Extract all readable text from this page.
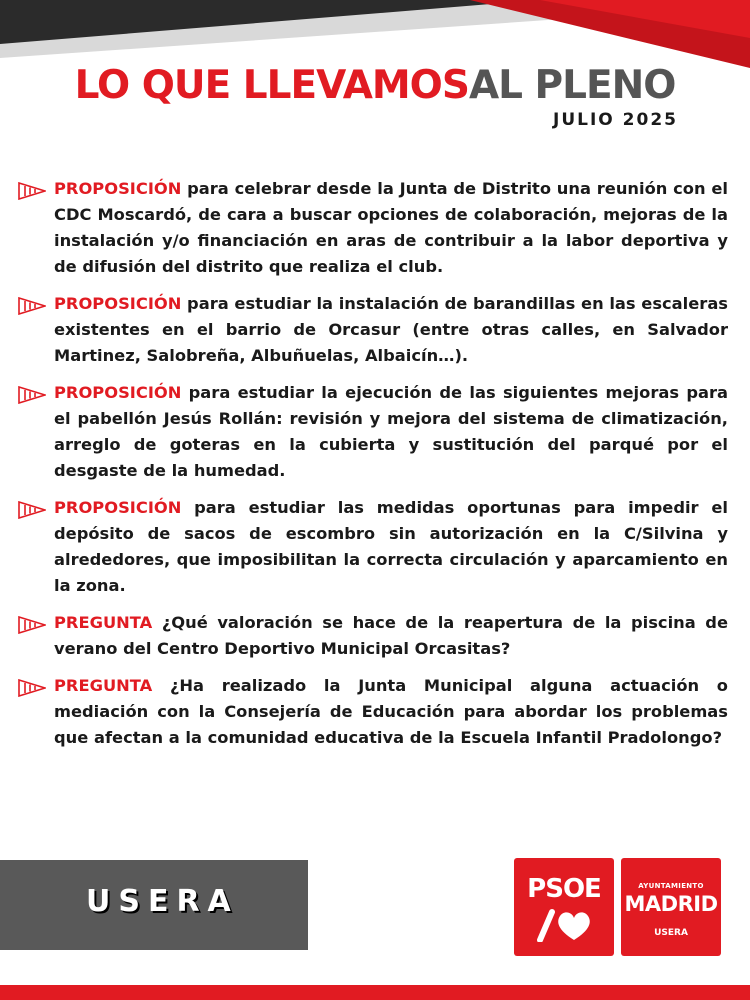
LO QUE LLEVAMOSAL PLENO
JULIO 2025
PROPOSICIÓN para celebrar desde la Junta de Distrito una reunión con el CDC Moscardó, de cara a buscar opciones de colaboración, mejoras de la instalación y/o financiación en aras de contribuir a la labor deportiva y de difusión del distrito que realiza el club.
PROPOSICIÓN para estudiar la instalación de barandillas en las escaleras existentes en el barrio de Orcasur (entre otras calles, en Salvador Martinez, Salobreña, Albuñuelas, Albaicín…).
PROPOSICIÓN para estudiar la ejecución de las siguientes mejoras para el pabellón Jesús Rollán: revisión y mejora del sistema de climatización, arreglo de goteras en la cubierta y sustitución del parqué por el desgaste de la humedad.
PROPOSICIÓN para estudiar las medidas oportunas para impedir el depósito de sacos de escombro sin autorización en la C/Silvina y alrededores, que imposibilitan la correcta circulación y aparcamiento en la zona.
PREGUNTA ¿Qué valoración se hace de la reapertura de la piscina de verano del Centro Deportivo Municipal Orcasitas?
PREGUNTA ¿Ha realizado la Junta Municipal alguna actuación o mediación con la Consejería de Educación para abordar los problemas que afectan a la comunidad educativa de la Escuela Infantil Pradolongo?
USERA	PSOE	AYUNTAMIENTO
MADRID
USERA
